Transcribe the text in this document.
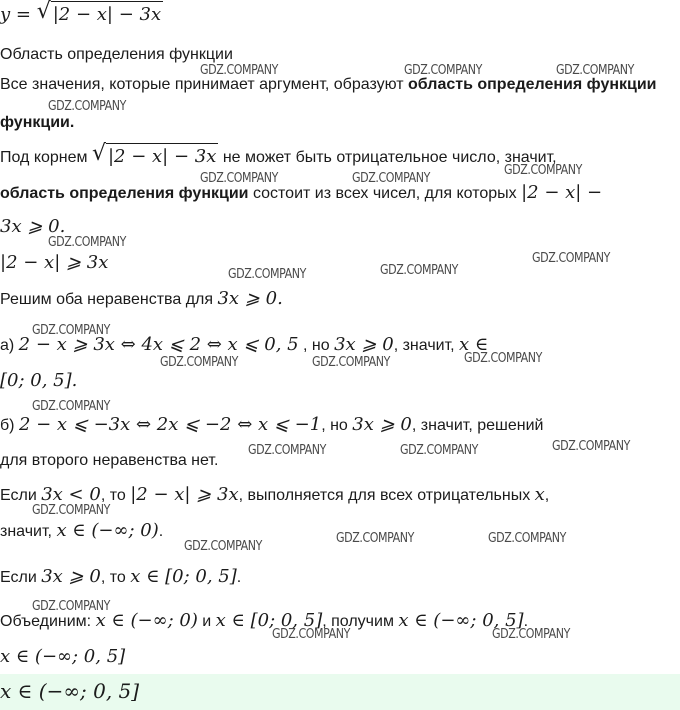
y = √ |2 − x| − 3x
Область определения функции
Все значения, которые принимает аргумент, образуют область определения функции
функции.
Под корнем √ |2 − x| − 3x не может быть отрицательное число, значит,
область определения функции состоит из всех чисел, для которых |2 − x| −
3x ⩾ 0.
|2 − x| ⩾ 3x
Решим оба неравенства для 3x ⩾ 0.
а) 2 − x ⩾ 3x ⇔ 4x ⩽ 2 ⇔ x ⩽ 0, 5 , но 3x ⩾ 0, значит, x ∈
[0; 0, 5].
б) 2 − x ⩽ −3x ⇔ 2x ⩽ −2 ⇔ x ⩽ −1, но 3x ⩾ 0, значит, решений
для второго неравенства нет.
Если 3x < 0, то |2 − x| ⩾ 3x, выполняется для всех отрицательных x,
значит, x ∈ (−∞; 0).
Если 3x ⩾ 0, то x ∈ [0; 0, 5].
Объединим: x ∈ (−∞; 0) и x ∈ [0; 0, 5], получим x ∈ (−∞; 0, 5].
x ∈ (−∞; 0, 5]
x ∈ (−∞; 0, 5]
GDZ.COMPANY	GDZ.COMPANY	GDZ.COMPANY
GDZ.COMPANY
GDZ.COMPANY	GDZ.COMPANY
GDZ.COMPANY
GDZ.COMPANY
GDZ.COMPANY	GDZ.COMPANY
GDZ.COMPANY
GDZ.COMPANY
GDZ.COMPANY	GDZ.COMPANY	GDZ.COMPANY
GDZ.COMPANY
GDZ.COMPANY	GDZ.COMPANY	GDZ.COMPANY
GDZ.COMPANY
GDZ.COMPANY
GDZ.COMPANY	GDZ.COMPANY
GDZ.COMPANY
GDZ.COMPANY	GDZ.COMPANY
